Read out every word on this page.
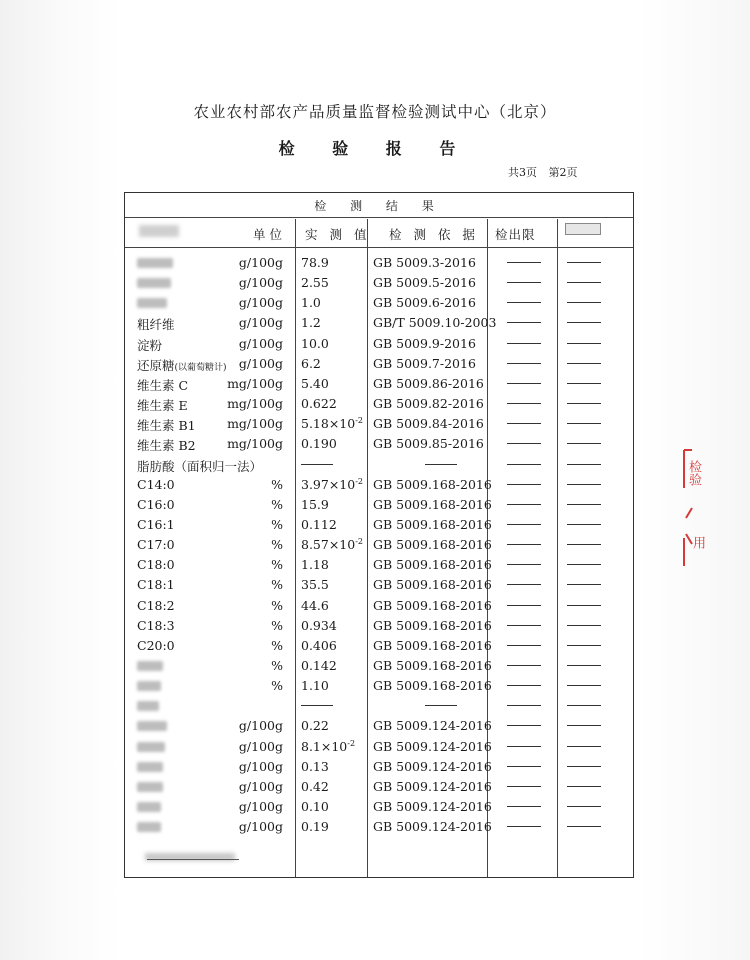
农业农村部农产品质量监督检验测试中心（北京）
检 验 报 告
共3页 第2页
检 测 结 果
单位 实 测 值 检 测 依 据 检出限
g/100g 78.9	GB 5009.3-2016
g/100g 2.55	GB 5009.5-2016
g/100g 1.0	GB 5009.6-2016
粗纤维	g/100g 1.2	GB/T 5009.10-2003
淀粉	g/100g 10.0	GB 5009.9-2016
还原糖(以葡萄糖计) g/100g 6.2	GB 5009.7-2016
维生素 C	mg/100g 5.40	GB 5009.86-2016
维生素 E	mg/100g 0.622	GB 5009.82-2016
维生素 B1	mg/100g $5.18\times 10^{-2}$ GB 5009.84-2016
维生素 B2	mg/100g 0.190	GB 5009.85-2016
脂肪酸（面积归一法）
C14:0	% $3.97\times 10^{-2}$ GB 5009.168-2016
C16:0	% 15.9	GB 5009.168-2016
C16:1	% 0.112	GB 5009.168-2016
C17:0	% $8.57\times 10^{-2}$ GB 5009.168-2016
C18:0	% 1.18	GB 5009.168-2016
C18:1	% 35.5	GB 5009.168-2016
C18:2	% 44.6	GB 5009.168-2016
C18:3	% 0.934	GB 5009.168-2016
C20:0	% 0.406	GB 5009.168-2016
% 0.142	GB 5009.168-2016
% 1.10	GB 5009.168-2016
g/100g 0.22	GB 5009.124-2016
g/100g $8.1\times 10^{-2}$ GB 5009.124-2016
g/100g 0.13	GB 5009.124-2016
g/100g 0.42	GB 5009.124-2016
g/100g 0.10	GB 5009.124-2016
g/100g 0.19	GB 5009.124-2016
检验
用
